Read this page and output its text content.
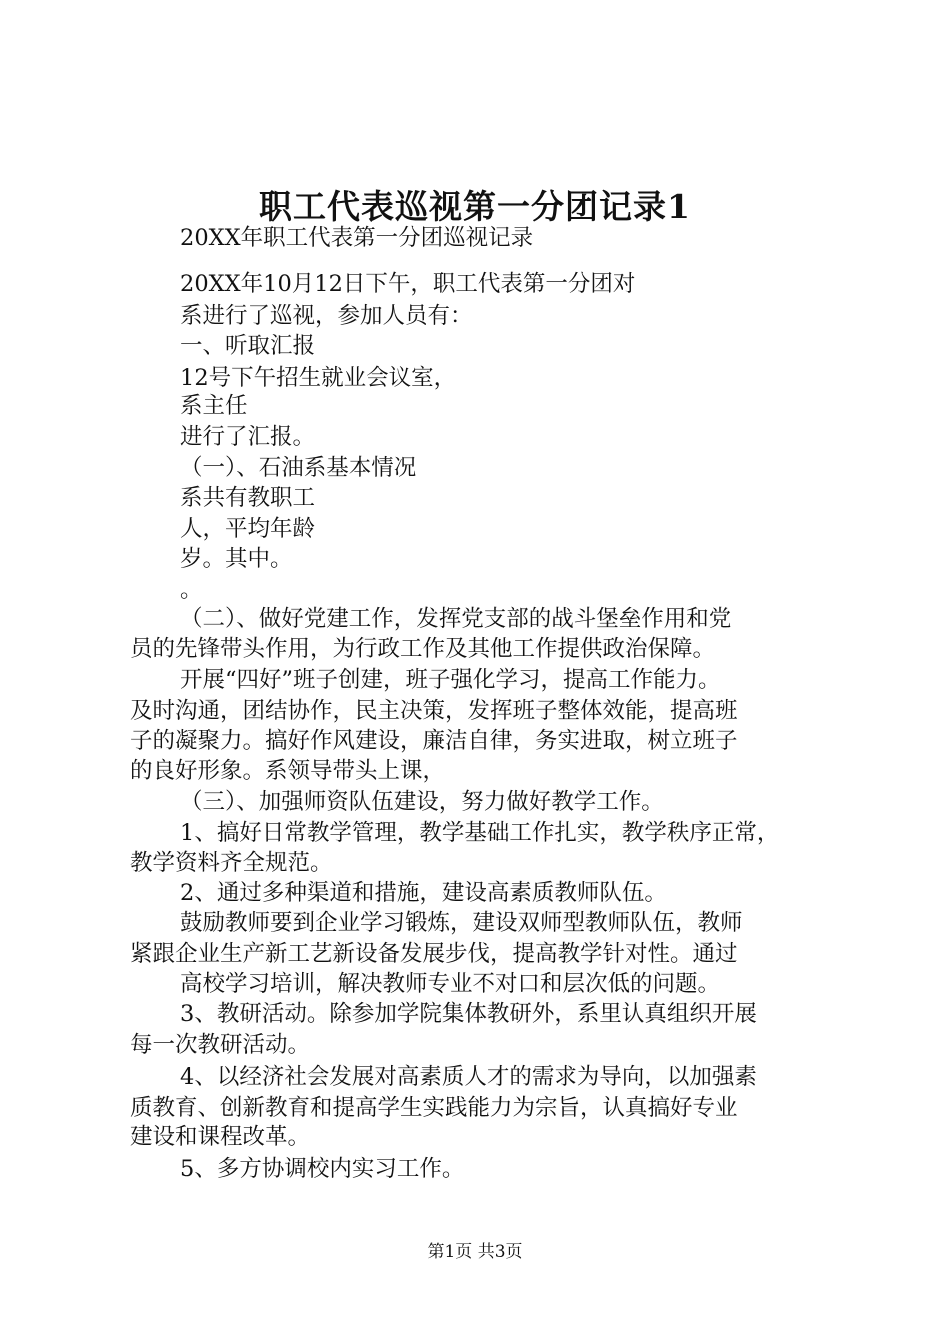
职工代表巡视第一分团记录1
20XX年职工代表第一分团巡视记录
20XX年10月12日下午，职工代表第一分团对
系进行了巡视，参加人员有：
一、听取汇报
12号下午招生就业会议室，
系主任
进行了汇报。
（一）、石油系基本情况
系共有教职工
人，平均年龄
岁。其中。
。
（二）、做好党建工作，发挥党支部的战斗堡垒作用和党
员的先锋带头作用，为行政工作及其他工作提供政治保障。
开展“四好”班子创建，班子强化学习，提高工作能力。
及时沟通，团结协作，民主决策，发挥班子整体效能，提高班
子的凝聚力。搞好作风建设，廉洁自律，务实进取，树立班子
的良好形象。系领导带头上课，
（三）、加强师资队伍建设，努力做好教学工作。
1、搞好日常教学管理，教学基础工作扎实，教学秩序正常，
教学资料齐全规范。
2、通过多种渠道和措施，建设高素质教师队伍。
鼓励教师要到企业学习锻炼，建设双师型教师队伍，教师
紧跟企业生产新工艺新设备发展步伐，提高教学针对性。通过
高校学习培训，解决教师专业不对口和层次低的问题。
3、教研活动。除参加学院集体教研外，系里认真组织开展
每一次教研活动。
4、以经济社会发展对高素质人才的需求为导向，以加强素
质教育、创新教育和提高学生实践能力为宗旨，认真搞好专业
建设和课程改革。
5、多方协调校内实习工作。
第1页 共3页
